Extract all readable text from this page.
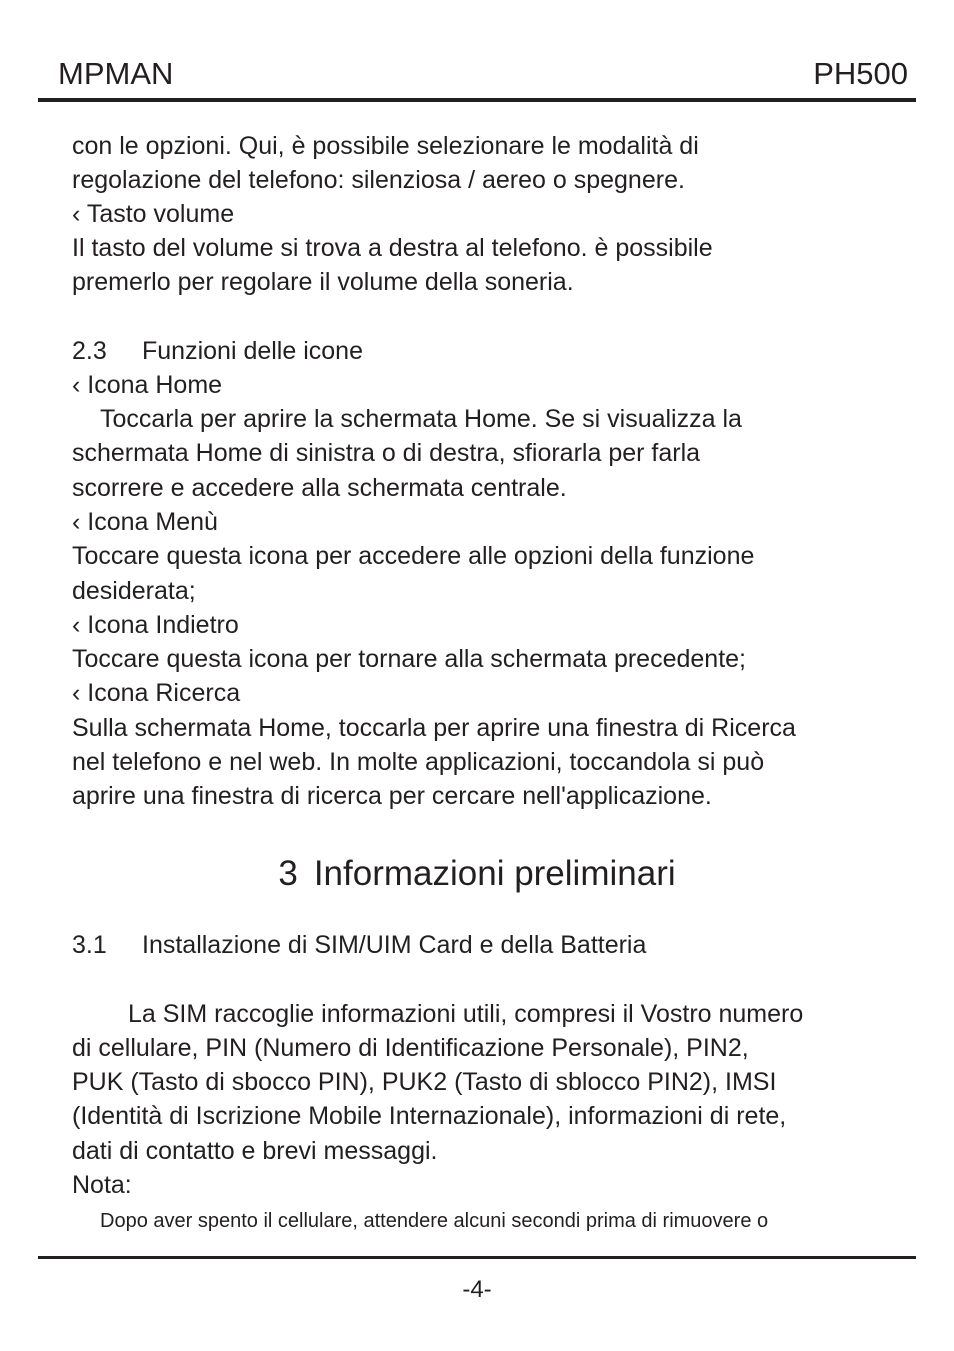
MPMAN	PH500
con le opzioni. Qui, è possibile selezionare le modalità di
regolazione del telefono: silenziosa / aereo o spegnere.
‹ Tasto volume
Il tasto del volume si trova a destra al telefono. è possibile
premerlo per regolare il volume della soneria.
2.3 Funzioni delle icone
‹ Icona Home
Toccarla per aprire la schermata Home. Se si visualizza la
schermata Home di sinistra o di destra, sfiorarla per farla
scorrere e accedere alla schermata centrale.
‹ Icona Menù
Toccare questa icona per accedere alle opzioni della funzione
desiderata;
‹ Icona Indietro
Toccare questa icona per tornare alla schermata precedente;
‹ Icona Ricerca
Sulla schermata Home, toccarla per aprire una finestra di Ricerca
nel telefono e nel web. In molte applicazioni, toccandola si può
aprire una finestra di ricerca per cercare nell'applicazione.
3 Informazioni preliminari
3.1 Installazione di SIM/UIM Card e della Batteria
La SIM raccoglie informazioni utili, compresi il Vostro numero
di cellulare, PIN (Numero di Identificazione Personale), PIN2,
PUK (Tasto di sbocco PIN), PUK2 (Tasto di sblocco PIN2), IMSI
(Identità di Iscrizione Mobile Internazionale), informazioni di rete,
dati di contatto e brevi messaggi.
Nota:
Dopo aver spento il cellulare, attendere alcuni secondi prima di rimuovere o
-4-
